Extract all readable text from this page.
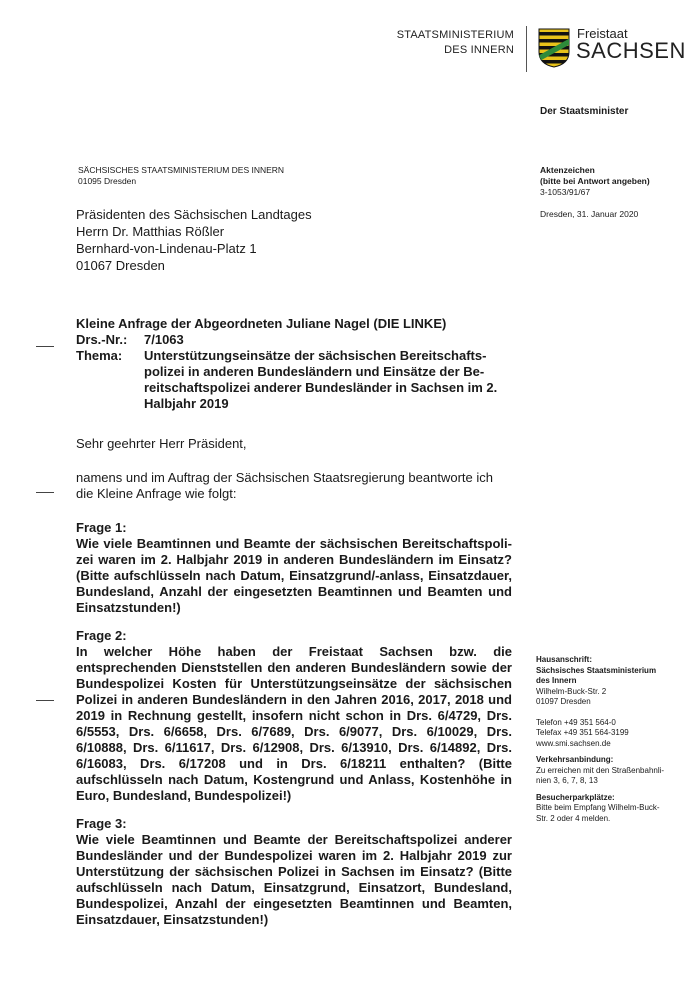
STAATSMINISTERIUM
DES INNERN
Freistaat
SACHSEN
Der Staatsminister
SÄCHSISCHES STAATSMINISTERIUM DES INNERN
01095 Dresden
Präsidenten des Sächsischen Landtages
Herrn Dr. Matthias Rößler
Bernhard-von-Lindenau-Platz 1
01067 Dresden
Aktenzeichen
(bitte bei Antwort angeben)
3-1053/91/67
Dresden, 31. Januar 2020
Kleine Anfrage der Abgeordneten Juliane Nagel (DIE LINKE)
Drs.-Nr.:	7/1063
Thema:	Unterstützungseinsätze der sächsischen Bereitschaftspolizei in anderen Bundesländern und Einsätze der Bereitschaftspolizei anderer Bundesländer in Sachsen im 2. Halbjahr 2019

Sehr geehrter Herr Präsident,

namens und im Auftrag der Sächsischen Staatsregierung beantworte ich die Kleine Anfrage wie folgt:

Frage 1:

Wie viele Beamtinnen und Beamte der sächsischen Bereitschaftspolizei waren im 2. Halbjahr 2019 in anderen Bundesländern im Einsatz? (Bitte aufschlüsseln nach Datum, Einsatzgrund/-anlass, Einsatzdauer, Bundesland, Anzahl der eingesetzten Beamtinnen und Beamten und Einsatzstunden!)

Frage 2:

In welcher Höhe haben der Freistaat Sachsen bzw. die entsprechenden Dienststellen den anderen Bundesländern sowie der Bundespolizei Kosten für Unterstützungseinsätze der sächsischen Polizei in anderen Bundesländern in den Jahren 2016, 2017, 2018 und 2019 in Rechnung gestellt, insofern nicht schon in Drs. 6/4729, Drs. 6/5553, Drs. 6/6658, Drs. 6/7689, Drs. 6/9077, Drs. 6/10029, Drs. 6/10888, Drs. 6/11617, Drs. 6/12908, Drs. 6/13910, Drs. 6/14892, Drs. 6/16083, Drs. 6/17208 und in Drs. 6/18211 enthalten? (Bitte aufschlüsseln nach Datum, Kostengrund und Anlass, Kostenhöhe in Euro, Bundesland, Bundespolizei!)

Frage 3:

Wie viele Beamtinnen und Beamte der Bereitschaftspolizei anderer Bundesländer und der Bundespolizei waren im 2. Halbjahr 2019 zur Unterstützung der sächsischen Polizei in Sachsen im Einsatz? (Bitte aufschlüsseln nach Datum, Einsatzgrund, Einsatzort, Bundesland, Bundespolizei, Anzahl der eingesetzten Beamtinnen und Beamten, Einsatzdauer, Einsatzstunden!)

Hausanschrift:
Sächsisches Staatsministerium
des Innern
Wilhelm-Buck-Str. 2
01097 Dresden
Telefon +49 351 564-0
Telefax +49 351 564-3199
www.smi.sachsen.de
Verkehrsanbindung:
Zu erreichen mit den Straßenbahnli-
nien 3, 6, 7, 8, 13
Besucherparkplätze:
Bitte beim Empfang Wilhelm-Buck-
Str. 2 oder 4 melden.
